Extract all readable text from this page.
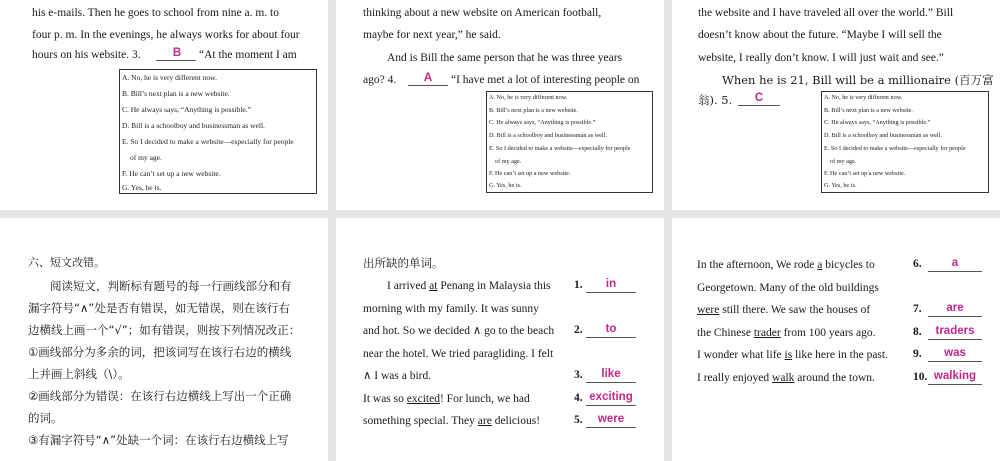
his e-mails. Then he goes to school from nine a. m. to
four p. m. In the evenings, he always works for about four
hours on his website. 3.	B	“At the moment I am
A. No, he is very different now.
B. Bill’s next plan is a new website.
C. He always says, “Anything is possible.”
D. Bill is a schoolboy and businessman as well.
E. So I decided to make a website—especially for people
of my age.
F. He can’t set up a new website.
G. Yes, he is.
thinking about a new website on American football,
maybe for next year,” he said.
And is Bill the same person that he was three years
ago? 4.	A	“I have met a lot of interesting people on
A. No, he is very different now.
B. Bill’s next plan is a new website.
C. He always says, “Anything is possible.”
D. Bill is a schoolboy and businessman as well.
E. So I decided to make a website—especially for people
of my age.
F. He can’t set up a new website.
G. Yes, he is.
the website and I have traveled all over the world.” Bill
doesn’t know about the future. “Maybe I will sell the
website, I really don’t know. I will just wait and see.”
When he is 21, Bill will be a millionaire (百万富
翁). 5.	C	A. No, he is very different now.
B. Bill’s next plan is a new website.
C. He always says, “Anything is possible.”
D. Bill is a schoolboy and businessman as well.
E. So I decided to make a website—especially for people
of my age.
F. He can’t set up a new website.
G. Yes, he is.
六、短文改错。
阅读短文，判断标有题号的每一行画线部分和有
漏字符号“∧”处是否有错误，如无错误，则在该行右
边横线上画一个“√”；如有错误，则按下列情况改正：
①画线部分为多余的词，把该词写在该行右边的横线
上并画上斜线（\）。
②画线部分为错误：在该行右边横线上写出一个正确
的词。
③有漏字符号“∧”处缺一个词：在该行右边横线上写
出所缺的单词。
I arrived at Penang in Malaysia this 1.	in
morning with my family. It was sunny
and hot. So we decided ∧ go to the beach 2.	to
near the hotel. We tried paragliding. I felt
∧ I was a bird.	3.	like
It was so excited! For lunch, we had	4. exciting
something special. They are delicious!	5.	were
In the afternoon, We rode a bicycles to	6.	a
Georgetown. Many of the old buildings
were still there. We saw the houses of	7.	are
the Chinese trader from 100 years ago.	8.	traders
I wonder what life is like here in the past. 9.	was
I really enjoyed walk around the town.	10. walking
